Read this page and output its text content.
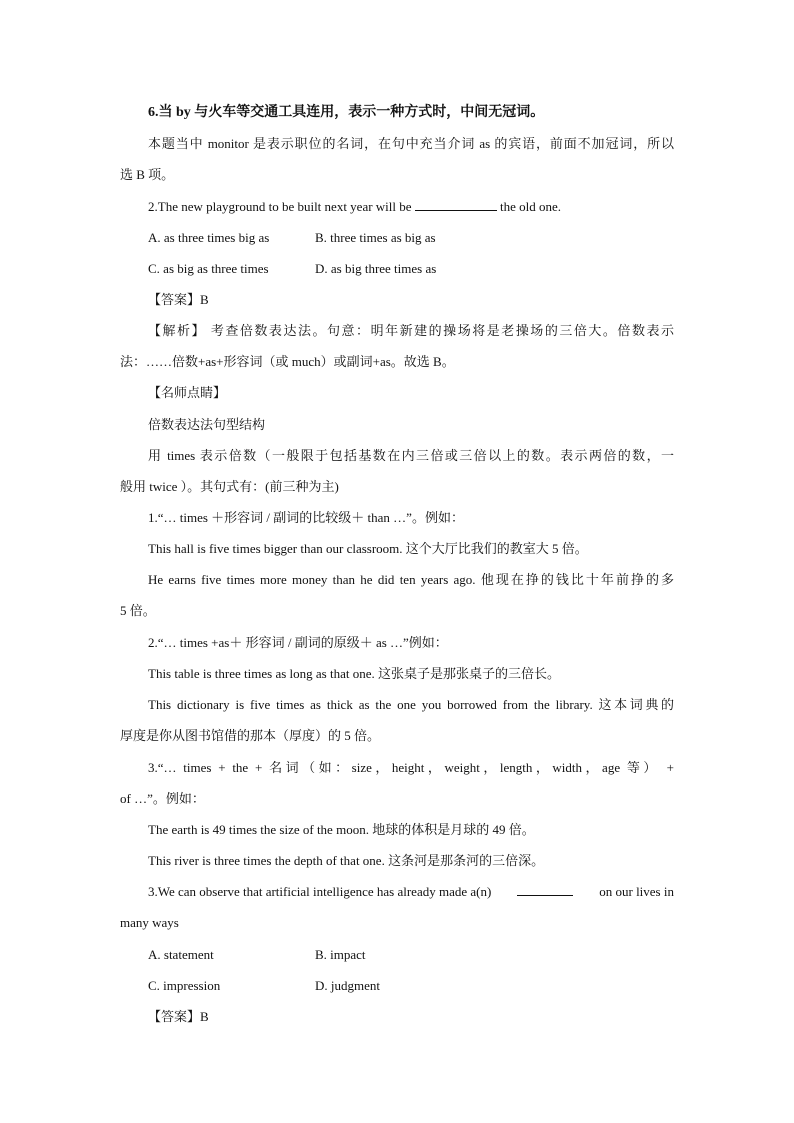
6.当 by 与火车等交通工具连用，表示一种方式时，中间无冠词。
本题当中 monitor 是表示职位的名词，在句中充当介词 as 的宾语，前面不加冠词，所以
选 B 项。
2.The new playground to be built next year will be	the old one.
A. as three times big as	B. three times as big as
C. as big as three times	D. as big three times as
【答案】B
【解析】 考查倍数表达法。句意：明年新建的操场将是老操场的三倍大。倍数表示
法：……倍数+as+形容词（或 much）或副词+as。故选 B。
【名师点睛】
倍数表达法句型结构
用 times 表示倍数（一般限于包括基数在内三倍或三倍以上的数。表示两倍的数，一
般用 twice ）。其句式有：(前三种为主)
1.“… times ＋形容词 / 副词的比较级＋ than …”。例如：
This hall is five times bigger than our classroom. 这个大厅比我们的教室大 5 倍。
He earns five times more money than he did ten years ago. 他现在挣的钱比十年前挣的多
5 倍。
2.“… times +as＋ 形容词 / 副词的原级＋ as …”例如：
This table is three times as long as that one. 这张桌子是那张桌子的三倍长。
This dictionary is five times as thick as the one you borrowed from the library. 这本词典的
厚度是你从图书馆借的那本（厚度）的 5 倍。
3.“… times + the + 名词（如：size，height，weight，length，width，age 等） +
of …”。例如：
The earth is 49 times the size of the moon. 地球的体积是月球的 49 倍。
This river is three times the depth of that one. 这条河是那条河的三倍深。
3.We can observe that artificial intelligence has already made a(n)	on our lives in
many ways
A. statement	B. impact
C. impression	D. judgment
【答案】B
